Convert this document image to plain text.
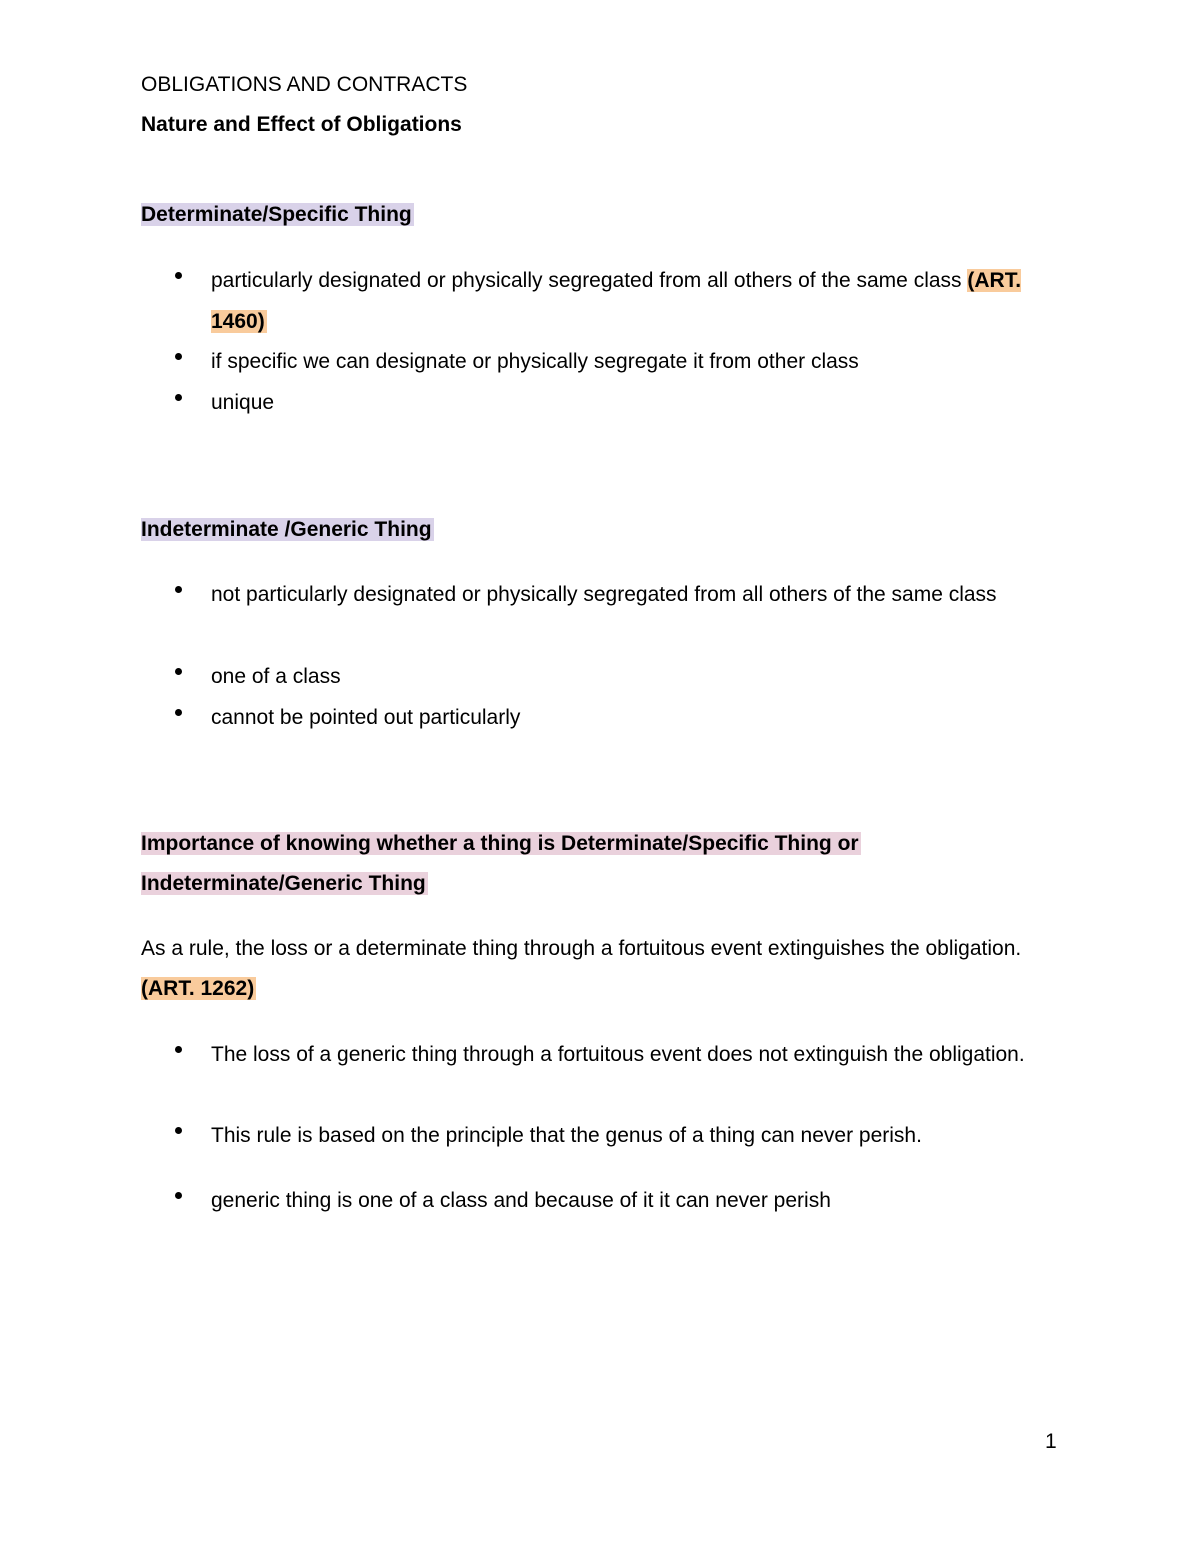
OBLIGATIONS AND CONTRACTS
Nature and Effect of Obligations
Determinate/Specific Thing
particularly designated or physically segregated from all others of the same class (ART. 1460)
if specific we can designate or physically segregate it from other class
unique
Indeterminate /Generic Thing
not particularly designated or physically segregated from all others of the same class
one of a class
cannot be pointed out particularly
Importance of knowing whether a thing is Determinate/Specific Thing or
Indeterminate/Generic Thing
As a rule, the loss or a determinate thing through a fortuitous event extinguishes the obligation. (ART. 1262)
The loss of a generic thing through a fortuitous event does not extinguish the obligation.
This rule is based on the principle that the genus of a thing can never perish.
generic thing is one of a class and because of it it can never perish
1
